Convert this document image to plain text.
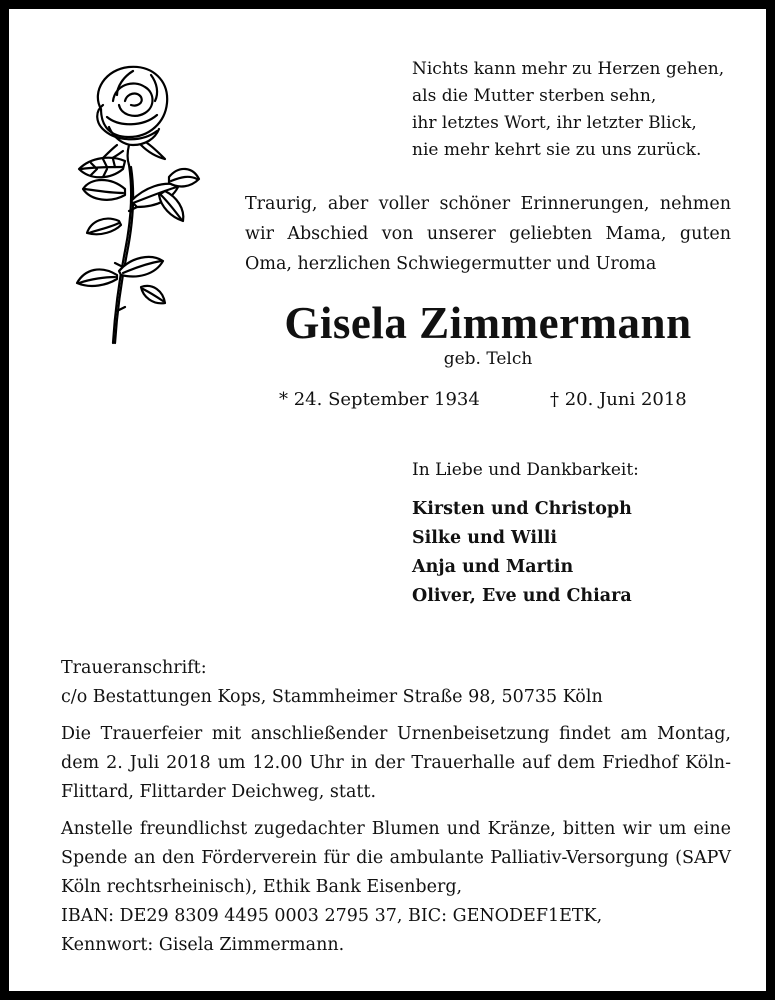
Nichts kann mehr zu Herzen gehen,
als die Mutter sterben sehn,
ihr letztes Wort, ihr letzter Blick,
nie mehr kehrt sie zu uns zurück.

Traurig, aber voller schöner Erinnerungen, nehmen wir Abschied von unserer geliebten Mama, guten Oma, herzlichen Schwiegermutter und Uroma

Gisela Zimmermann
geb. Telch
* 24. September 1934	† 20. Juni 2018
In Liebe und Dankbarkeit:
Kirsten und Christoph
Silke und Willi
Anja und Martin
Oliver, Eve und Chiara
Traueranschrift:
c/o Bestattungen Kops, Stammheimer Straße 98, 50735 Köln

Die Trauerfeier mit anschließender Urnenbeisetzung findet am Montag, dem 2. Juli 2018 um 12.00 Uhr in der Trauerhalle auf dem Friedhof Köln-Flittard, Flittarder Deichweg, statt.

Anstelle freundlichst zugedachter Blumen und Kränze, bitten wir um eine Spende an den Förderverein für die ambulante Palliativ-Versorgung (SAPV Köln rechtsrheinisch), Ethik Bank Eisenberg,

IBAN: DE29 8309 4495 0003 2795 37, BIC: GENODEF1ETK,
Kennwort: Gisela Zimmermann.
